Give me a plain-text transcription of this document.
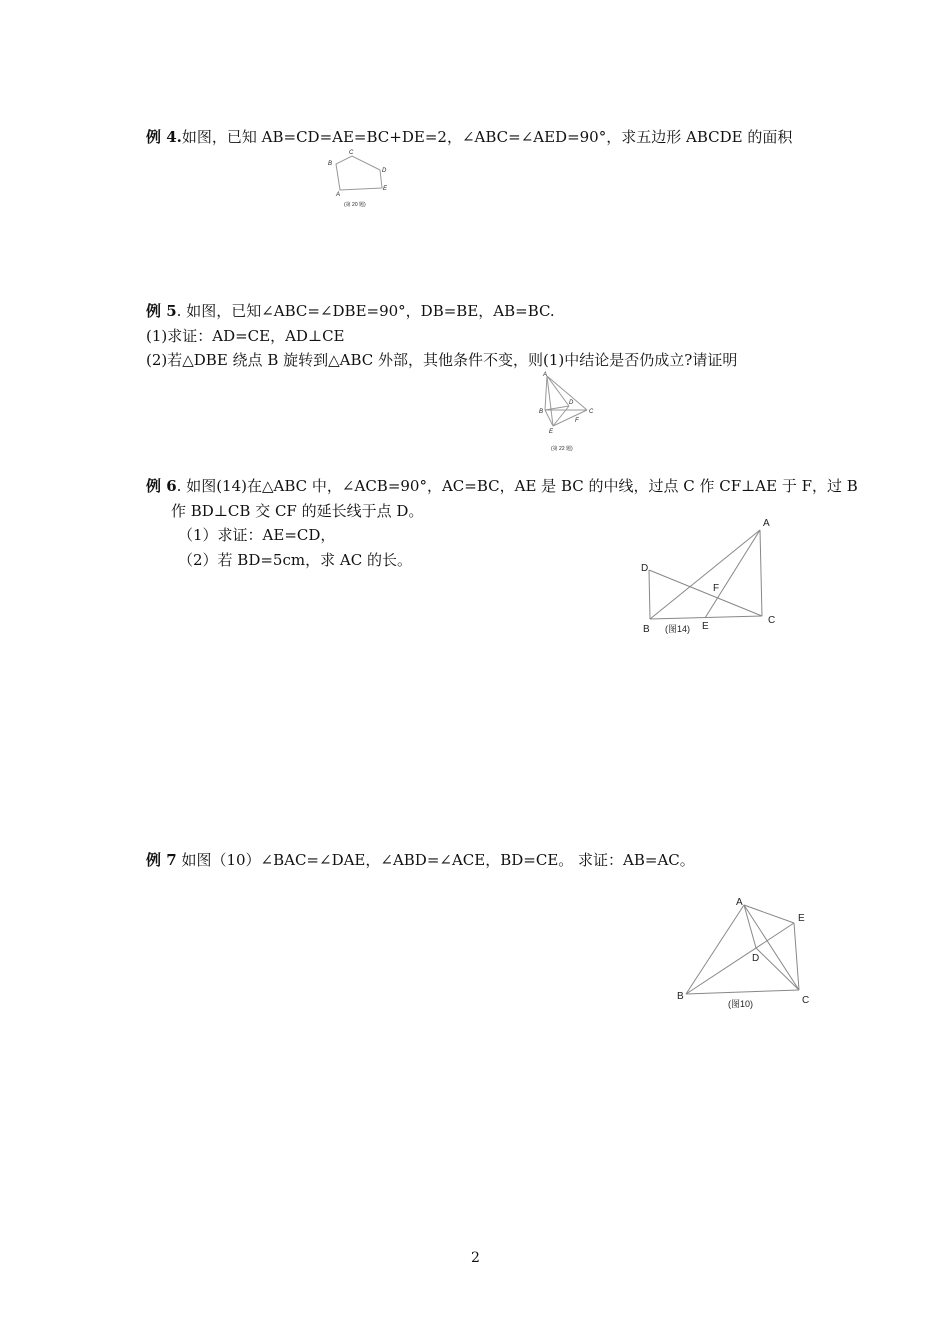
例 4.如图，已知 AB=CD=AE=BC+DE=2，∠ABC=∠AED=90°，求五边形 ABCDE 的面积
A
B
C
D
E
(第 20 题)
例 5. 如图，已知∠ABC=∠DBE=90°，DB=BE，AB=BC.
(1)求证：AD=CE，AD⊥CE
(2)若△DBE 绕点 B 旋转到△ABC 外部，其他条件不变，则(1)中结论是否仍成立?请证明
A
B
D
C
E
F
(第 22 题)
例 6. 如图(14)在△ABC 中，∠ACB=90°，AC=BC，AE 是 BC 的中线，过点 C 作 CF⊥AE 于 F，过 B
作 BD⊥CB 交 CF 的延长线于点 D。
（1）求证：AE=CD，
（2）若 BD=5cm，求 AC 的长。
A
D
F
B	E
C
(图14)
例 7 如图（10）∠BAC=∠DAE，∠ABD=∠ACE，BD=CE。 求证：AB=AC。
A
E
D
B	C
(图10)
2
